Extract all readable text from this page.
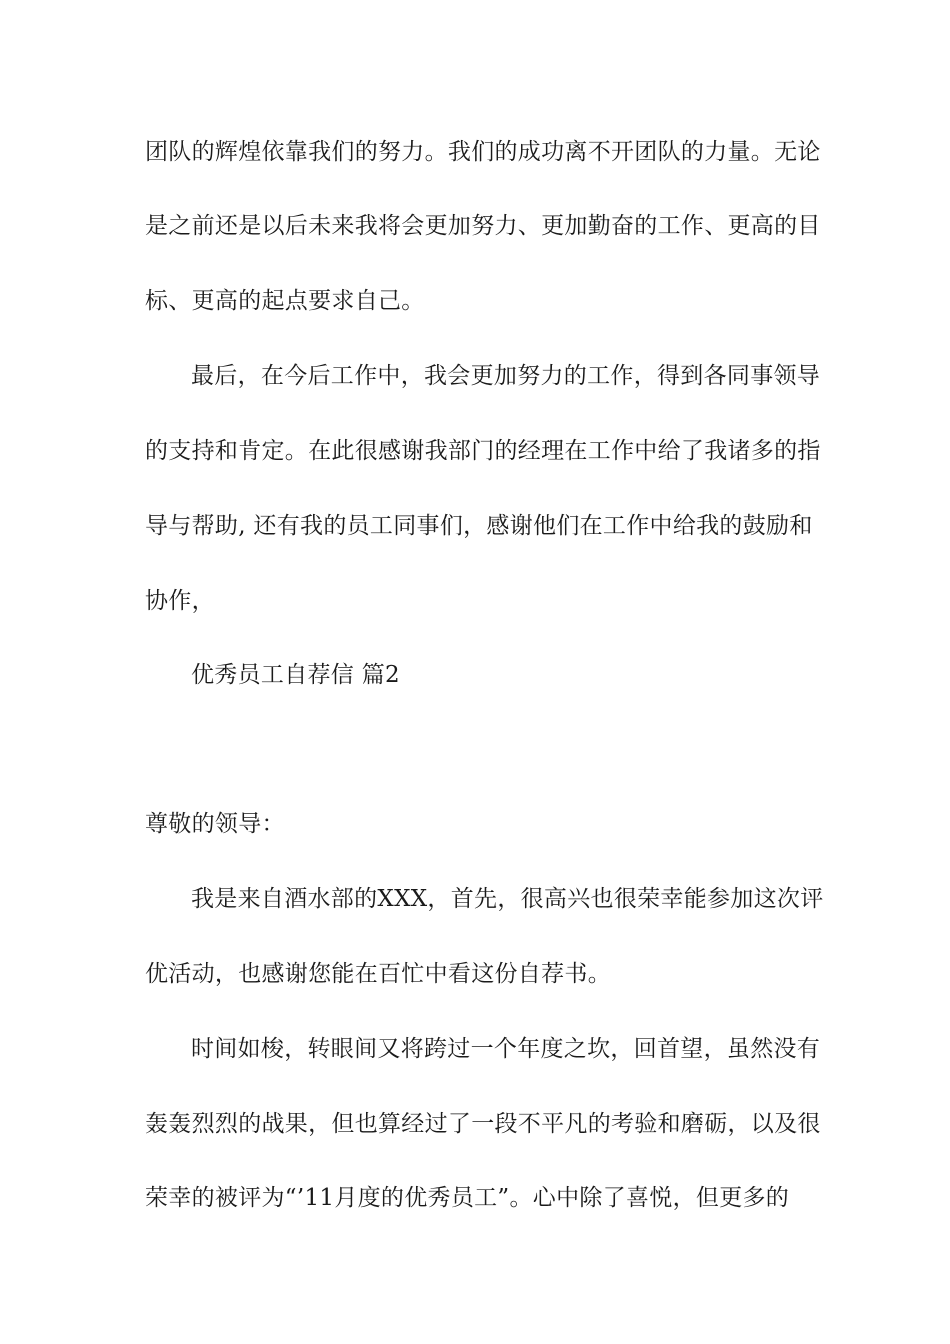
团队的辉煌依靠我们的努力。我们的成功离不开团队的力量。无论
是之前还是以后未来我将会更加努力、更加勤奋的工作、更高的目
标、更高的起点要求自己。
最后，在今后工作中，我会更加努力的工作，得到各同事领导
的支持和肯定。在此很感谢我部门的经理在工作中给了我诸多的指
导与帮助, 还有我的员工同事们，感谢他们在工作中给我的鼓励和
协作，
优秀员工自荐信 篇2
尊敬的领导：
我是来自酒水部的XXX，首先，很高兴也很荣幸能参加这次评
优活动，也感谢您能在百忙中看这份自荐书。
时间如梭，转眼间又将跨过一个年度之坎，回首望，虽然没有
轰轰烈烈的战果，但也算经过了一段不平凡的考验和磨砺，以及很
荣幸的被评为“’11月度的优秀员工”。心中除了喜悦，但更多的
